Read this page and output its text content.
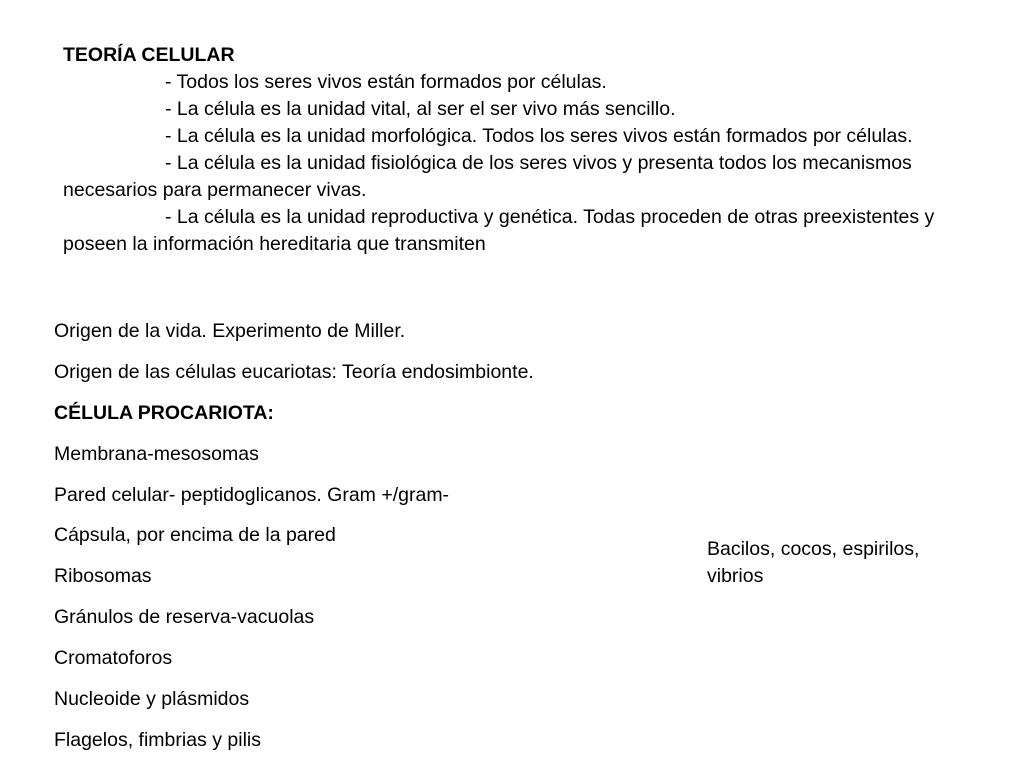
TEORÍA CELULAR

- Todos los seres vivos están formados por células.

- La célula es la unidad vital, al ser el ser vivo más sencillo.

- La célula es la unidad morfológica. Todos los seres vivos están formados por células.

- La célula es la unidad fisiológica de los seres vivos y presenta todos los mecanismos necesarios para permanecer vivas.

- La célula es la unidad reproductiva y genética. Todas proceden de otras preexistentes y poseen la información hereditaria que transmiten

Origen de la vida. Experimento de Miller.
Origen de las células eucariotas: Teoría endosimbionte.
CÉLULA PROCARIOTA:
Membrana-mesosomas
Pared celular- peptidoglicanos. Gram +/gram-
Cápsula, por encima de la pared
Ribosomas
Gránulos de reserva-vacuolas
Cromatoforos
Nucleoide y plásmidos
Flagelos, fimbrias y pilis
Bacilos, cocos, espirilos, vibrios
